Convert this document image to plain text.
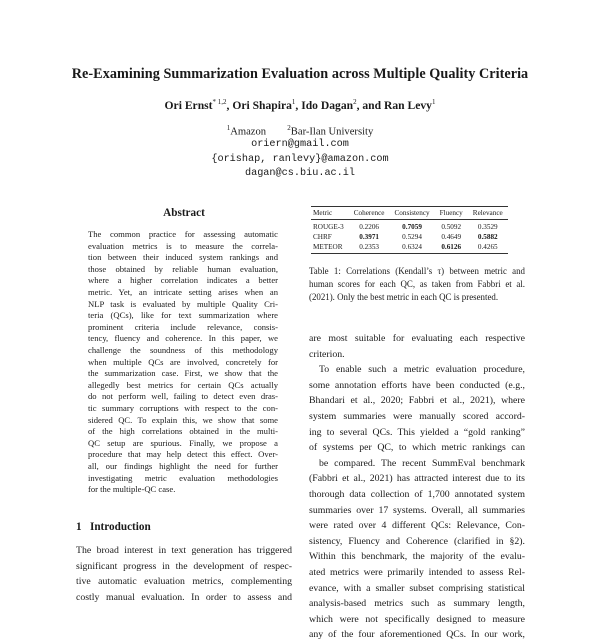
Re-Examining Summarization Evaluation across Multiple Quality Criteria
Ori Ernst$^{* 1,2}$, Ori Shapira$^1$, Ido Dagan$^2$, and Ran Levy$^1$
$^1$Amazon	$^2$Bar-Ilan University
oriern@gmail.com
{orishap, ranlevy}@amazon.com
dagan@cs.biu.ac.il
Abstract
The common practice for assessing automatic
evaluation metrics is to measure the correla-
tion between their induced system rankings and
those obtained by reliable human evaluation,
where a higher correlation indicates a better
metric. Yet, an intricate setting arises when an
NLP task is evaluated by multiple Quality Cri-
teria (QCs), like for text summarization where
prominent criteria include relevance, consis-
tency, fluency and coherence. In this paper, we
challenge the soundness of this methodology
when multiple QCs are involved, concretely for
the summarization case. First, we show that the
allegedly best metrics for certain QCs actually
do not perform well, failing to detect even dras-
tic summary corruptions with respect to the con-
sidered QC. To explain this, we show that some
of the high correlations obtained in the multi-
QC setup are spurious. Finally, we propose a
procedure that may help detect this effect. Over-
all, our findings highlight the need for further
investigating metric evaluation methodologies
for the multiple-QC case.
1 Introduction
The broad interest in text generation has triggered
significant progress in the development of respec-
tive automatic evaluation metrics, complementing
costly manual evaluation. In order to assess and
Metric	Coherence	Consistency	Fluency	Relevance
ROUGE-3	0.2206	0.7059	0.5092	0.3529
CHRF	0.3971	0.5294	0.4649	0.5882
METEOR	0.2353	0.6324	0.6126	0.4265
Table 1: Correlations (Kendall’s τ) between metric and
human scores for each QC, as taken from Fabbri et al.
(2021). Only the best metric in each QC is presented.
are most suitable for evaluating each respective
criterion.
To enable such a metric evaluation procedure,
some annotation efforts have been conducted (e.g.,
Bhandari et al., 2020; Fabbri et al., 2021), where
system summaries were manually scored accord-
ing to several QCs. This yielded a “gold ranking”
of systems per QC, to which metric rankings can
be compared. The recent SummEval benchmark
(Fabbri et al., 2021) has attracted interest due to its
thorough data collection of 1,700 annotated system
summaries over 17 systems. Overall, all summaries
were rated over 4 different QCs: Relevance, Con-
sistency, Fluency and Coherence (clarified in §2).
Within this benchmark, the majority of the evalu-
ated metrics were primarily intended to assess Rel-
evance, with a smaller subset comprising statistical
analysis-based metrics such as summary length,
which were not specifically designed to measure
any of the four aforementioned QCs. In our work,
